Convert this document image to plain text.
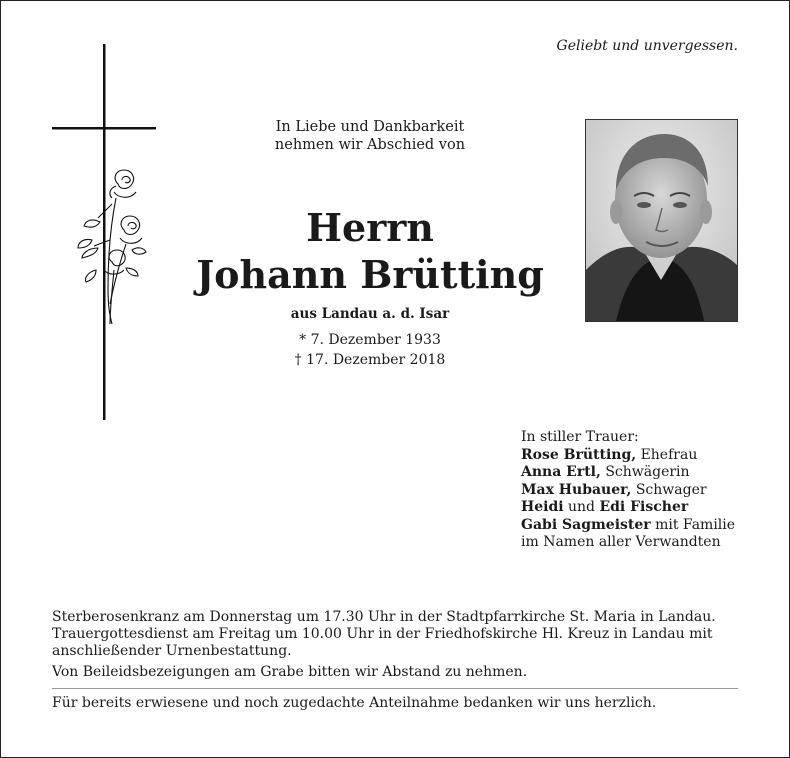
Geliebt und unvergessen.
In Liebe und Dankbarkeit
nehmen wir Abschied von
Herrn
Johann Brütting
aus Landau a. d. Isar
* 7. Dezember 1933
† 17. Dezember 2018
In stiller Trauer:
Rose Brütting, Ehefrau
Anna Ertl, Schwägerin
Max Hubauer, Schwager
Heidi und Edi Fischer
Gabi Sagmeister mit Familie
im Namen aller Verwandten

Sterberosenkranz am Donnerstag um 17.30 Uhr in der Stadtpfarrkirche St. Maria in Landau. Trauergottesdienst am Freitag um 10.00 Uhr in der Friedhofskirche Hl. Kreuz in Landau mit anschließender Urnenbestattung.

Von Beileidsbezeigungen am Grabe bitten wir Abstand zu nehmen.

Für bereits erwiesene und noch zugedachte Anteilnahme bedanken wir uns herzlich.
